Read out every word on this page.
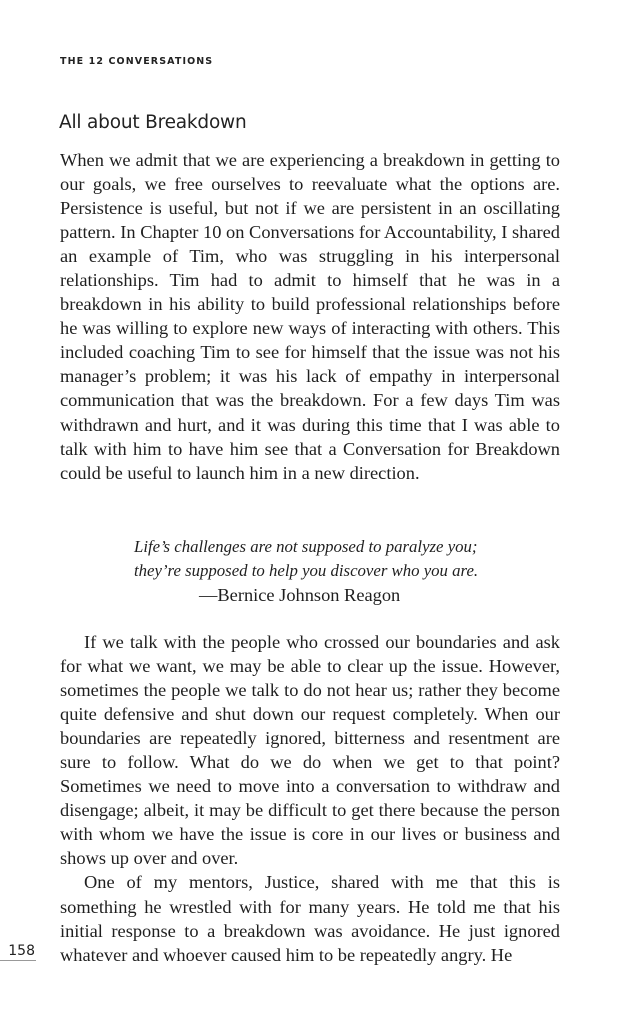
THE 12 CONVERSATIONS
All about Breakdown

When we admit that we are experiencing a breakdown in getting to our goals, we free ourselves to reevaluate what the options are. Persistence is useful, but not if we are persistent in an oscillating pattern. In Chapter 10 on Conversations for Accountability, I shared an example of Tim, who was struggling in his interpersonal relationships. Tim had to admit to himself that he was in a breakdown in his ability to build professional relationships before he was willing to explore new ways of interacting with others. This included coaching Tim to see for himself that the issue was not his manager’s problem; it was his lack of empathy in interpersonal communication that was the breakdown. For a few days Tim was withdrawn and hurt, and it was during this time that I was able to talk with him to have him see that a Conversation for Breakdown could be useful to launch him in a new direction.

Life’s challenges are not supposed to paralyze you;
they’re supposed to help you discover who you are.
—Bernice Johnson Reagon

If we talk with the people who crossed our boundaries and ask for what we want, we may be able to clear up the issue. However, sometimes the people we talk to do not hear us; rather they become quite defensive and shut down our request completely. When our boundaries are repeatedly ignored, bitterness and resentment are sure to follow. What do we do when we get to that point? Sometimes we need to move into a conversation to withdraw and disengage; albeit, it may be difficult to get there because the person with whom we have the issue is core in our lives or business and shows up over and over.

One of my mentors, Justice, shared with me that this is something he wrestled with for many years. He told me that his initial response to a breakdown was avoidance. He just ignored whatever and whoever caused him to be repeatedly angry. He

158
